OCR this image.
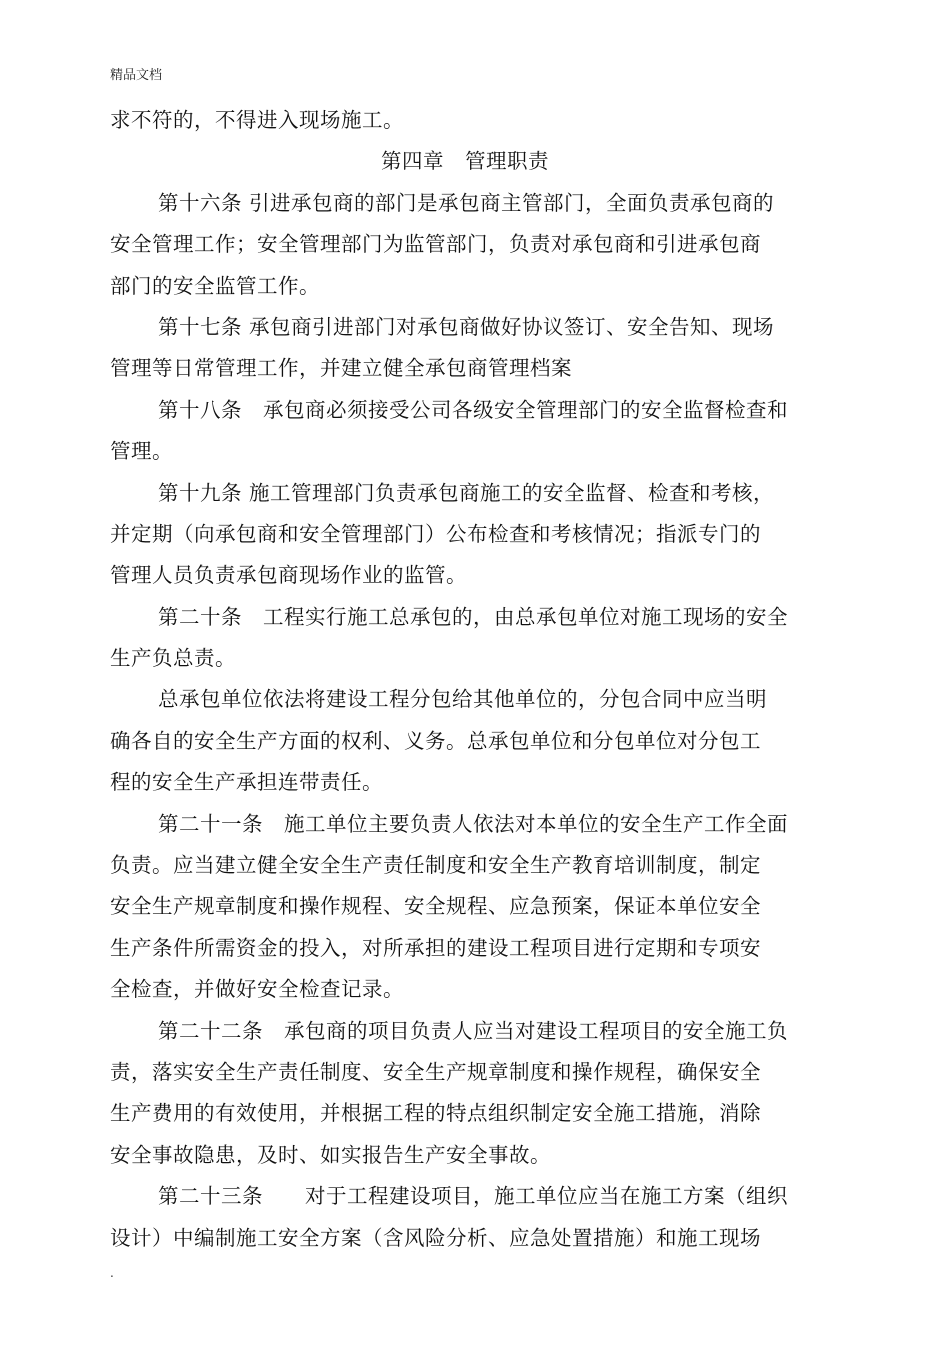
精品文档
求不符的，不得进入现场施工。
第四章　管理职责
第十六条 引进承包商的部门是承包商主管部门，全面负责承包商的
安全管理工作；安全管理部门为监管部门，负责对承包商和引进承包商
部门的安全监管工作。
第十七条 承包商引进部门对承包商做好协议签订、安全告知、现场
管理等日常管理工作，并建立健全承包商管理档案
第十八条　承包商必须接受公司各级安全管理部门的安全监督检查和
管理。
第十九条 施工管理部门负责承包商施工的安全监督、检查和考核，
并定期（向承包商和安全管理部门）公布检查和考核情况；指派专门的
管理人员负责承包商现场作业的监管。
第二十条　工程实行施工总承包的，由总承包单位对施工现场的安全
生产负总责。
总承包单位依法将建设工程分包给其他单位的，分包合同中应当明
确各自的安全生产方面的权利、义务。总承包单位和分包单位对分包工
程的安全生产承担连带责任。
第二十一条　施工单位主要负责人依法对本单位的安全生产工作全面
负责。应当建立健全安全生产责任制度和安全生产教育培训制度，制定
安全生产规章制度和操作规程、安全规程、应急预案，保证本单位安全
生产条件所需资金的投入，对所承担的建设工程项目进行定期和专项安
全检查，并做好安全检查记录。
第二十二条　承包商的项目负责人应当对建设工程项目的安全施工负
责，落实安全生产责任制度、安全生产规章制度和操作规程，确保安全
生产费用的有效使用，并根据工程的特点组织制定安全施工措施，消除
安全事故隐患，及时、如实报告生产安全事故。
第二十三条　　对于工程建设项目，施工单位应当在施工方案（组织
设计）中编制施工安全方案（含风险分析、应急处置措施）和施工现场
.
